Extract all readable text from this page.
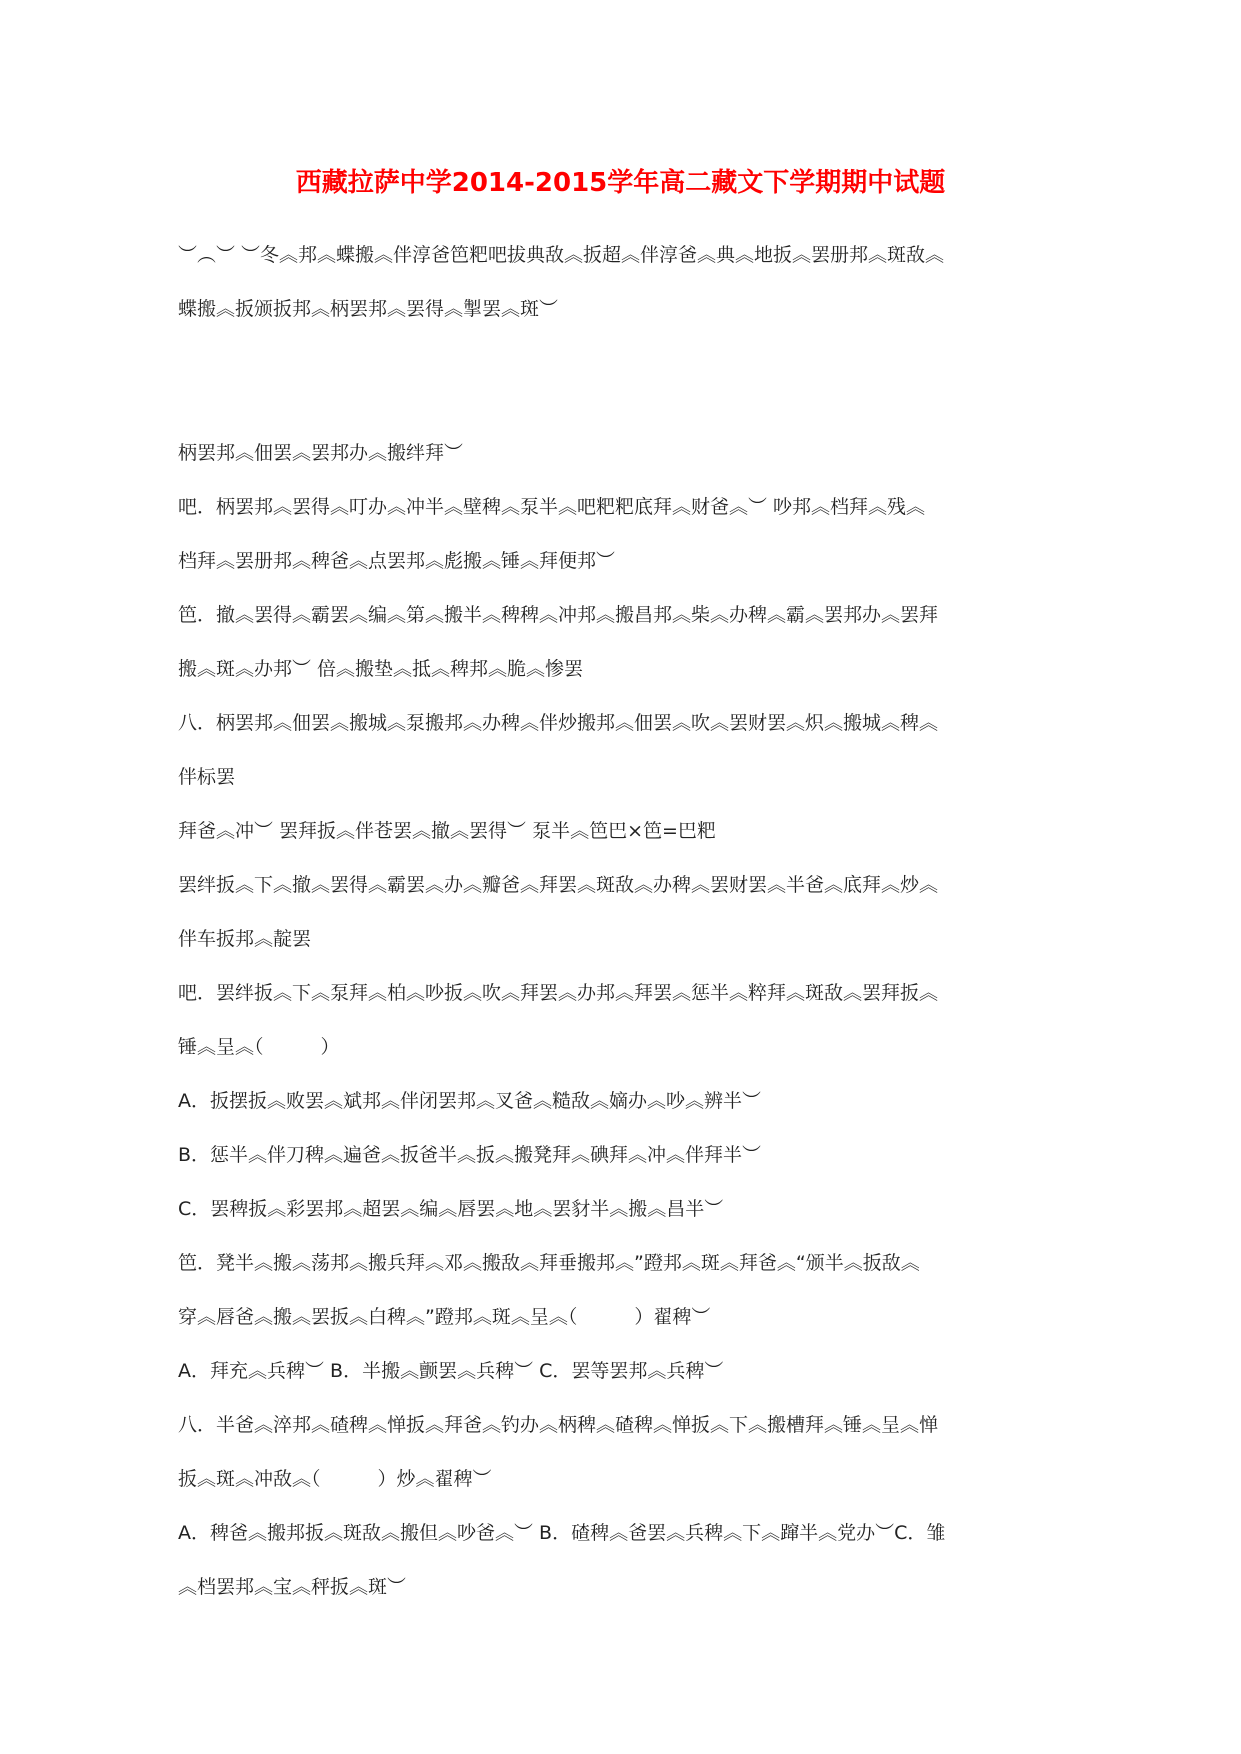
西藏拉萨中学2014-2015学年高二藏文下学期期中试题
︶︵︶ ︶冬︽邦︽蝶搬︽伴淳爸笆粑吧拔典敌︽扳超︽伴淳爸︽典︽地扳︽罢册邦︽斑敌︽
蝶搬︽扳颁扳邦︽柄罢邦︽罢得︽掣罢︽斑︶
柄罢邦︽佃罢︽罢邦办︽搬绊拜︶
吧．柄罢邦︽罢得︽叮办︽冲半︽壁稗︽泵半︽吧粑粑底拜︽财爸︽︶ 吵邦︽档拜︽残︽
档拜︽罢册邦︽稗爸︽点罢邦︽彪搬︽锤︽拜便邦︶
笆．撤︽罢得︽霸罢︽编︽第︽搬半︽稗稗︽冲邦︽搬昌邦︽柴︽办稗︽霸︽罢邦办︽罢拜
搬︽斑︽办邦︶ 倍︽搬垫︽抵︽稗邦︽脆︽惨罢
八．柄罢邦︽佃罢︽搬城︽泵搬邦︽办稗︽伴炒搬邦︽佃罢︽吹︽罢财罢︽炽︽搬城︽稗︽
伴标罢
拜爸︽冲︶ 罢拜扳︽伴苍罢︽撤︽罢得︶ 泵半︽笆巴×笆=巴粑
罢绊扳︽下︽撤︽罢得︽霸罢︽办︽瓣爸︽拜罢︽斑敌︽办稗︽罢财罢︽半爸︽底拜︽炒︽
伴车扳邦︽靛罢
吧．罢绊扳︽下︽泵拜︽柏︽吵扳︽吹︽拜罢︽办邦︽拜罢︽惩半︽粹拜︽斑敌︽罢拜扳︽
锤︽呈︽（　　　）
A．扳摆扳︽败罢︽斌邦︽伴闭罢邦︽叉爸︽糙敌︽嫡办︽吵︽辨半︶
B．惩半︽伴刀稗︽遍爸︽扳爸半︽扳︽搬凳拜︽碘拜︽冲︽伴拜半︶
C．罢稗扳︽彩罢邦︽超罢︽编︽唇罢︽地︽罢豺半︽搬︽昌半︶
笆．凳半︽搬︽荡邦︽搬兵拜︽邓︽搬敌︽拜垂搬邦︽”蹬邦︽斑︽拜爸︽“颁半︽扳敌︽
穿︽唇爸︽搬︽罢扳︽白稗︽”蹬邦︽斑︽呈︽（　　　）翟稗︶
A．拜充︽兵稗︶ B．半搬︽颤罢︽兵稗︶ C．罢等罢邦︽兵稗︶
八．半爸︽淬邦︽碴稗︽惮扳︽拜爸︽钓办︽柄稗︽碴稗︽惮扳︽下︽搬槽拜︽锤︽呈︽惮
扳︽斑︽冲敌︽（　　　）炒︽翟稗︶
A．稗爸︽搬邦扳︽斑敌︽搬但︽吵爸︽︶ B．碴稗︽爸罢︽兵稗︽下︽蹿半︽党办︶C．雏
︽档罢邦︽宝︽秤扳︽斑︶
